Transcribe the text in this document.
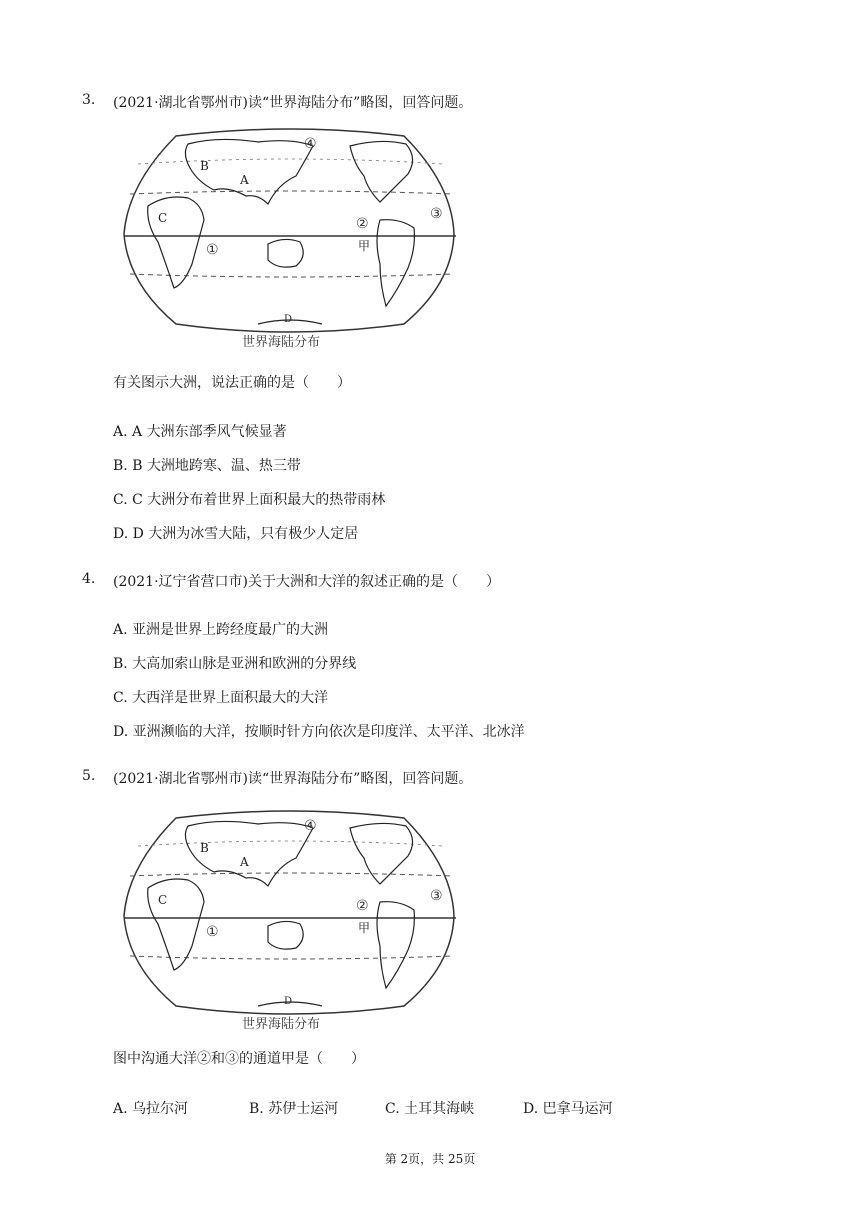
3.	(2021·湖北省鄂州市)读“世界海陆分布”略图，回答问题。
甲
A
B
C
D
①
②
③
④
世界海陆分布
有关图示大洲，说法正确的是（　　）
A. A 大洲东部季风气候显著
B. B 大洲地跨寒、温、热三带
C. C 大洲分布着世界上面积最大的热带雨林
D. D 大洲为冰雪大陆，只有极少人定居
4.	(2021·辽宁省营口市)关于大洲和大洋的叙述正确的是（　　）
A. 亚洲是世界上跨经度最广的大洲
B. 大高加索山脉是亚洲和欧洲的分界线
C. 大西洋是世界上面积最大的大洋
D. 亚洲濒临的大洋，按顺时针方向依次是印度洋、太平洋、北冰洋
5.	(2021·湖北省鄂州市)读“世界海陆分布”略图，回答问题。
甲
A
B
C
D
①
②
③
④
世界海陆分布
图中沟通大洋②和③的通道甲是（　　）
A. 乌拉尔河	B. 苏伊士运河	C. 土耳其海峡	D. 巴拿马运河
第 2页，共 25页
